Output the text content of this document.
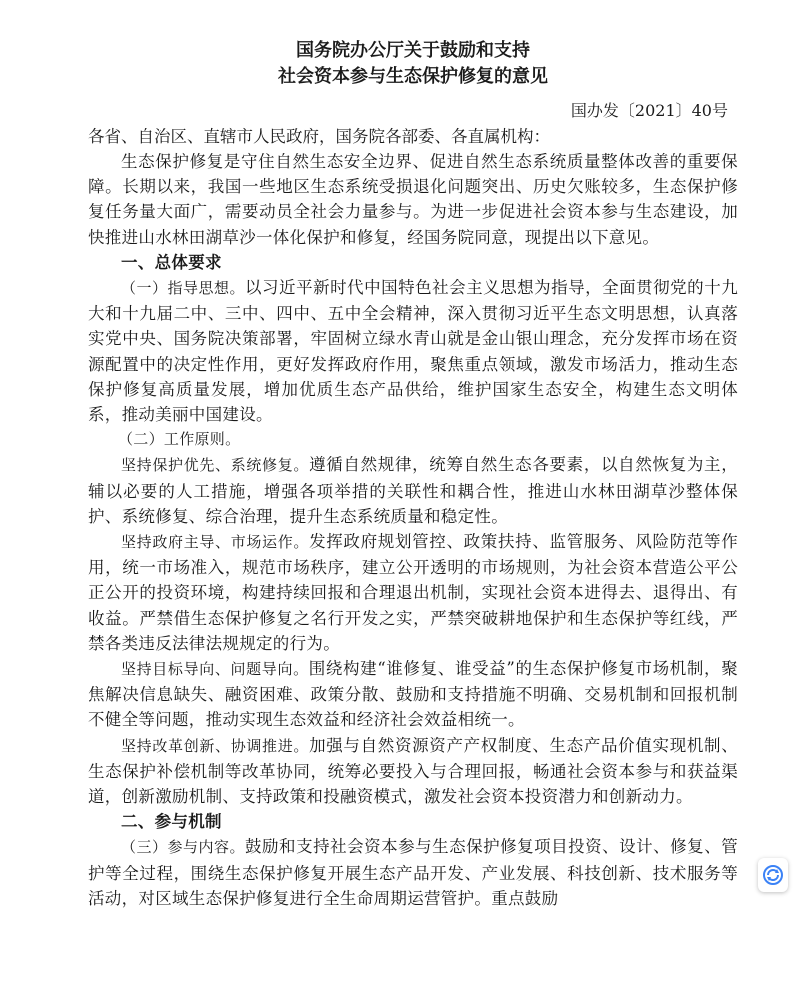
国务院办公厅关于鼓励和支持
社会资本参与生态保护修复的意见
国办发〔2021〕40号
各省、自治区、直辖市人民政府，国务院各部委、各直属机构：

生态保护修复是守住自然生态安全边界、促进自然生态系统质量整体改善的重要保障。长期以来，我国一些地区生态系统受损退化问题突出、历史欠账较多，生态保护修复任务量大面广，需要动员全社会力量参与。为进一步促进社会资本参与生态建设，加快推进山水林田湖草沙一体化保护和修复，经国务院同意，现提出以下意见。

一、总体要求

（一）指导思想。以习近平新时代中国特色社会主义思想为指导，全面贯彻党的十九大和十九届二中、三中、四中、五中全会精神，深入贯彻习近平生态文明思想，认真落实党中央、国务院决策部署，牢固树立绿水青山就是金山银山理念，充分发挥市场在资源配置中的决定性作用，更好发挥政府作用，聚焦重点领域，激发市场活力，推动生态保护修复高质量发展，增加优质生态产品供给，维护国家生态安全，构建生态文明体系，推动美丽中国建设。

（二）工作原则。

坚持保护优先、系统修复。遵循自然规律，统筹自然生态各要素，以自然恢复为主，辅以必要的人工措施，增强各项举措的关联性和耦合性，推进山水林田湖草沙整体保护、系统修复、综合治理，提升生态系统质量和稳定性。

坚持政府主导、市场运作。发挥政府规划管控、政策扶持、监管服务、风险防范等作用，统一市场准入，规范市场秩序，建立公开透明的市场规则，为社会资本营造公平公正公开的投资环境，构建持续回报和合理退出机制，实现社会资本进得去、退得出、有收益。严禁借生态保护修复之名行开发之实，严禁突破耕地保护和生态保护等红线，严禁各类违反法律法规规定的行为。

坚持目标导向、问题导向。围绕构建“谁修复、谁受益”的生态保护修复市场机制，聚焦解决信息缺失、融资困难、政策分散、鼓励和支持措施不明确、交易机制和回报机制不健全等问题，推动实现生态效益和经济社会效益相统一。

坚持改革创新、协调推进。加强与自然资源资产产权制度、生态产品价值实现机制、生态保护补偿机制等改革协同，统筹必要投入与合理回报，畅通社会资本参与和获益渠道，创新激励机制、支持政策和投融资模式，激发社会资本投资潜力和创新动力。

二、参与机制

（三）参与内容。鼓励和支持社会资本参与生态保护修复项目投资、设计、修复、管护等全过程，围绕生态保护修复开展生态产品开发、产业发展、科技创新、技术服务等活动，对区域生态保护修复进行全生命周期运营管护。重点鼓励
